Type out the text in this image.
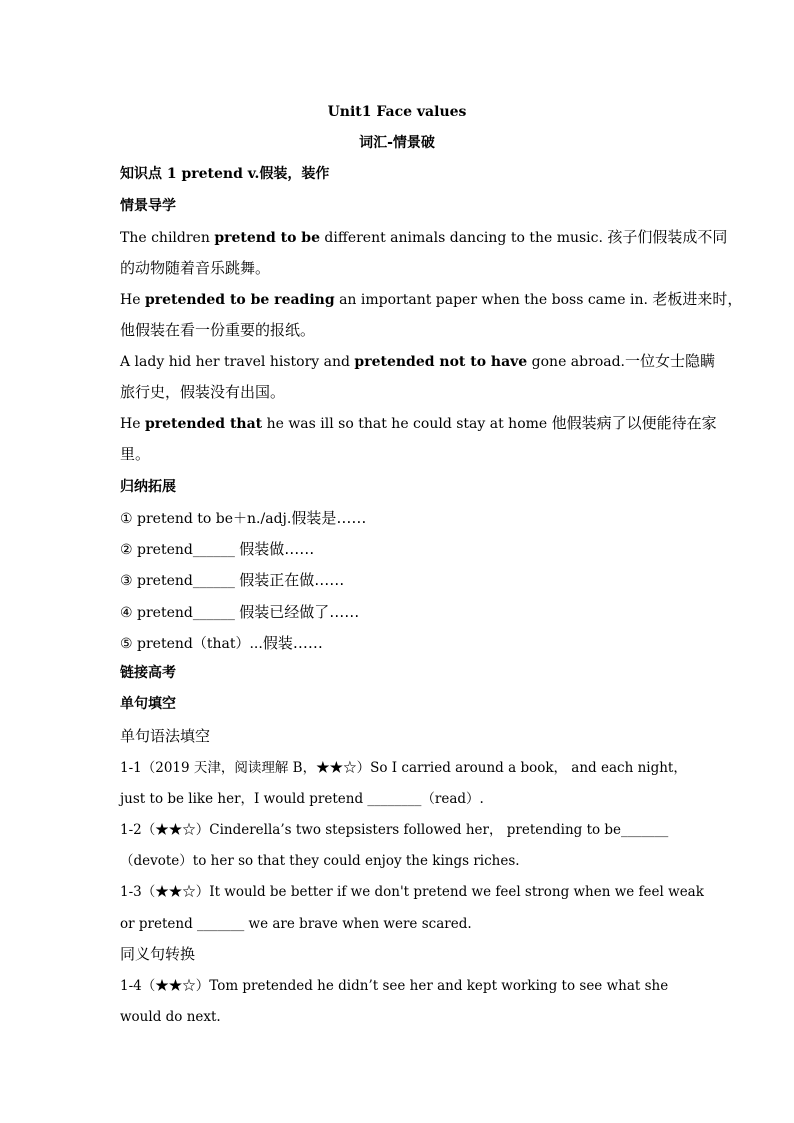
Unit1 Face values
词汇-情景破
知识点 1 pretend v.假装，装作
情景导学
The children pretend to be different animals dancing to the music. 孩子们假装成不同
的动物随着音乐跳舞。
He pretended to be reading an important paper when the boss came in. 老板进来时，
他假装在看一份重要的报纸。
A lady hid her travel history and pretended not to have gone abroad.一位女士隐瞒
旅行史，假装没有出国。
He pretended that he was ill so that he could stay at home 他假装病了以便能待在家
里。
归纳拓展
① pretend to be＋n./adj.假装是……
② pretend______ 假装做……
③ pretend______ 假装正在做……
④ pretend______ 假装已经做了……
⑤ pretend（that）...假装……
链接高考
单句填空
单句语法填空
1-1（2019 天津，阅读理解 B，★★☆）So I carried around a book， and each night，
just to be like her，I would pretend ________（read）.
1-2（★★☆）Cinderella’s two stepsisters followed her， pretending to be_______
（devote）to her so that they could enjoy the kings riches.
1-3（★★☆）It would be better if we don't pretend we feel strong when we feel weak
or pretend _______ we are brave when were scared.
同义句转换
1-4（★★☆）Tom pretended he didn’t see her and kept working to see what she
would do next.
